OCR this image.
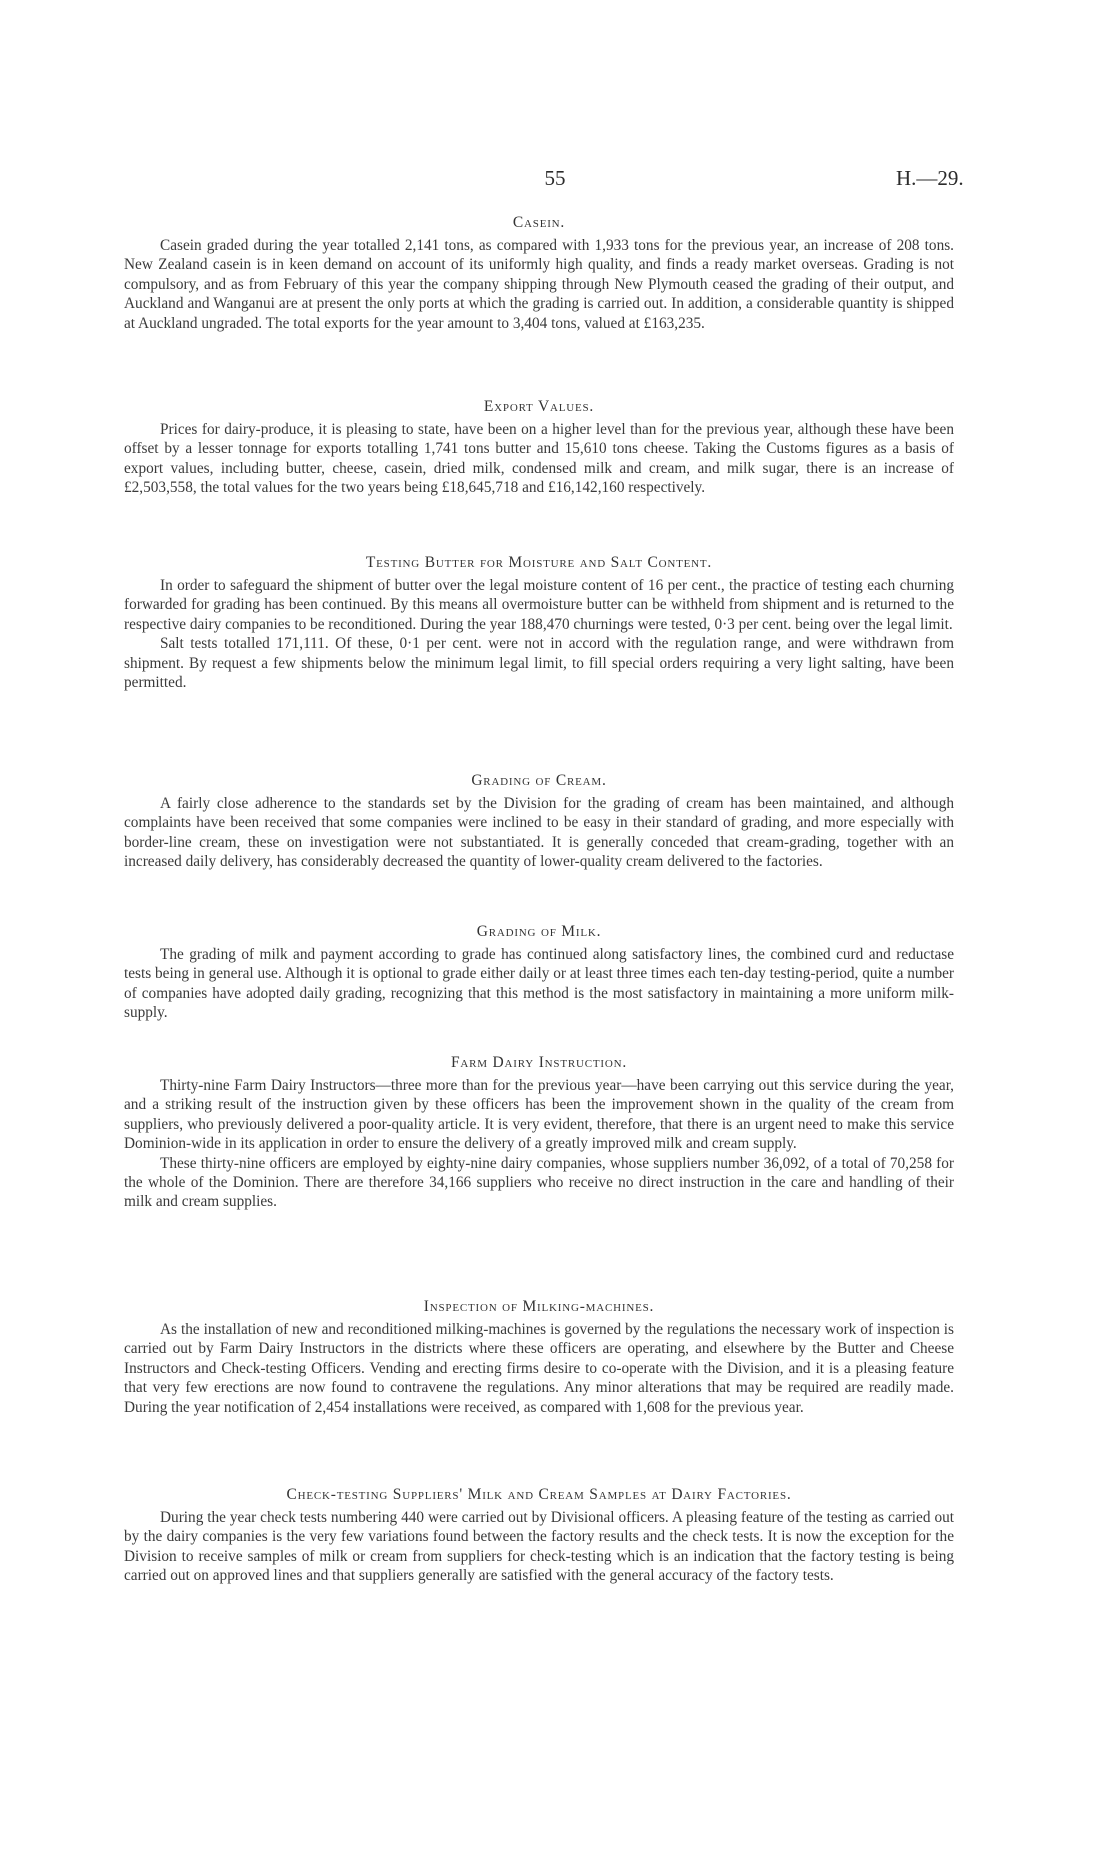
55	H.—29.
Casein.

Casein graded during the year totalled 2,141 tons, as compared with 1,933 tons for the previous year, an increase of 208 tons. New Zealand casein is in keen demand on account of its uniformly high quality, and finds a ready market overseas. Grading is not compulsory, and as from February of this year the company shipping through New Plymouth ceased the grading of their output, and Auckland and Wanganui are at present the only ports at which the grading is carried out. In addition, a considerable quantity is shipped at Auckland ungraded. The total exports for the year amount to 3,404 tons, valued at £163,235.

Export Values.

Prices for dairy-produce, it is pleasing to state, have been on a higher level than for the previous year, although these have been offset by a lesser tonnage for exports totalling 1,741 tons butter and 15,610 tons cheese. Taking the Customs figures as a basis of export values, including butter, cheese, casein, dried milk, condensed milk and cream, and milk sugar, there is an increase of £2,503,558, the total values for the two years being £18,645,718 and £16,142,160 respectively.

Testing Butter for Moisture and Salt Content.

In order to safeguard the shipment of butter over the legal moisture content of 16 per cent., the practice of testing each churning forwarded for grading has been continued. By this means all overmoisture butter can be withheld from shipment and is returned to the respective dairy companies to be reconditioned. During the year 188,470 churnings were tested, 0·3 per cent. being over the legal limit.

Salt tests totalled 171,111. Of these, 0·1 per cent. were not in accord with the regulation range, and were withdrawn from shipment. By request a few shipments below the minimum legal limit, to fill special orders requiring a very light salting, have been permitted.

Grading of Cream.

A fairly close adherence to the standards set by the Division for the grading of cream has been maintained, and although complaints have been received that some companies were inclined to be easy in their standard of grading, and more especially with border-line cream, these on investigation were not substantiated. It is generally conceded that cream-grading, together with an increased daily delivery, has considerably decreased the quantity of lower-quality cream delivered to the factories.

Grading of Milk.

The grading of milk and payment according to grade has continued along satisfactory lines, the combined curd and reductase tests being in general use. Although it is optional to grade either daily or at least three times each ten-day testing-period, quite a number of companies have adopted daily grading, recognizing that this method is the most satisfactory in maintaining a more uniform milk-supply.

Farm Dairy Instruction.

Thirty-nine Farm Dairy Instructors—three more than for the previous year—have been carrying out this service during the year, and a striking result of the instruction given by these officers has been the improvement shown in the quality of the cream from suppliers, who previously delivered a poor-quality article. It is very evident, therefore, that there is an urgent need to make this service Dominion-wide in its application in order to ensure the delivery of a greatly improved milk and cream supply.

These thirty-nine officers are employed by eighty-nine dairy companies, whose suppliers number 36,092, of a total of 70,258 for the whole of the Dominion. There are therefore 34,166 suppliers who receive no direct instruction in the care and handling of their milk and cream supplies.

Inspection of Milking-machines.

As the installation of new and reconditioned milking-machines is governed by the regulations the necessary work of inspection is carried out by Farm Dairy Instructors in the districts where these officers are operating, and elsewhere by the Butter and Cheese Instructors and Check-testing Officers. Vending and erecting firms desire to co-operate with the Division, and it is a pleasing feature that very few erections are now found to contravene the regulations. Any minor alterations that may be required are readily made. During the year notification of 2,454 installations were received, as compared with 1,608 for the previous year.

Check-testing Suppliers' Milk and Cream Samples at Dairy Factories.

During the year check tests numbering 440 were carried out by Divisional officers. A pleasing feature of the testing as carried out by the dairy companies is the very few variations found between the factory results and the check tests. It is now the exception for the Division to receive samples of milk or cream from suppliers for check-testing which is an indication that the factory testing is being carried out on approved lines and that suppliers generally are satisfied with the general accuracy of the factory tests.
